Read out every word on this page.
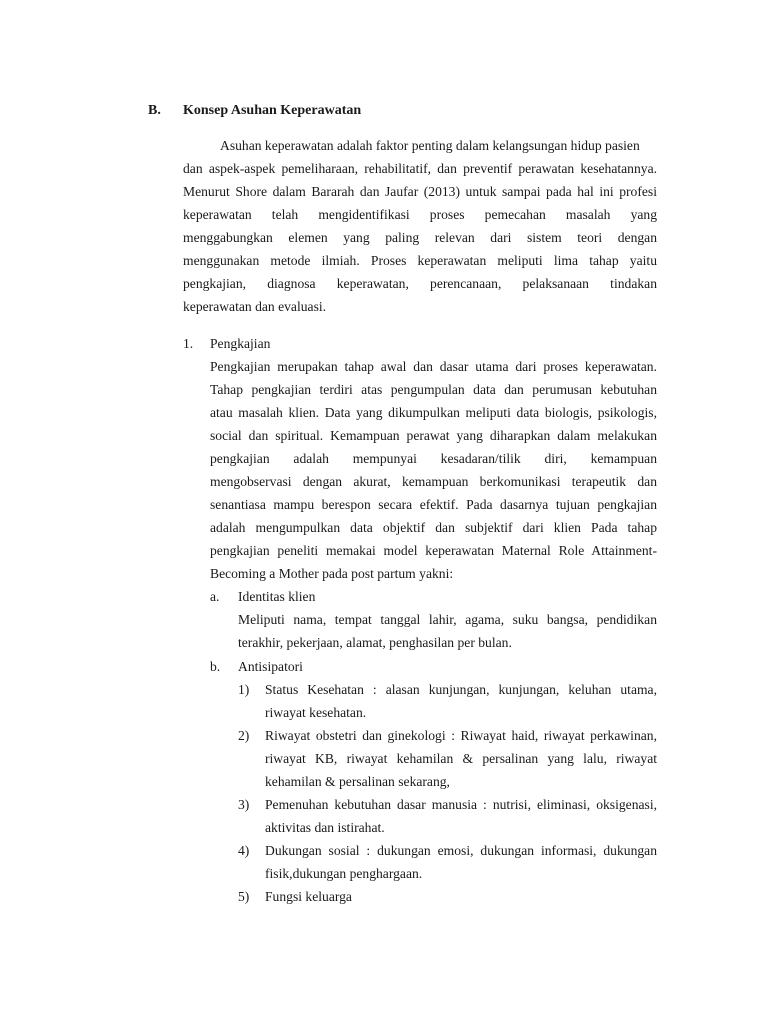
B. Konsep Asuhan Keperawatan
Asuhan keperawatan adalah faktor penting dalam kelangsungan hidup pasien
dan aspek-aspek pemeliharaan, rehabilitatif, dan preventif perawatan kesehatannya.
Menurut Shore dalam Bararah dan Jaufar (2013) untuk sampai pada hal ini profesi
keperawatan telah mengidentifikasi proses pemecahan masalah yang
menggabungkan elemen yang paling relevan dari sistem teori dengan
menggunakan metode ilmiah. Proses keperawatan meliputi lima tahap yaitu
pengkajian, diagnosa keperawatan, perencanaan, pelaksanaan tindakan
keperawatan dan evaluasi.
1. Pengkajian
Pengkajian merupakan tahap awal dan dasar utama dari proses keperawatan.
Tahap pengkajian terdiri atas pengumpulan data dan perumusan kebutuhan
atau masalah klien. Data yang dikumpulkan meliputi data biologis, psikologis,
social dan spiritual. Kemampuan perawat yang diharapkan dalam melakukan
pengkajian adalah mempunyai kesadaran/tilik diri, kemampuan
mengobservasi dengan akurat, kemampuan berkomunikasi terapeutik dan
senantiasa mampu berespon secara efektif. Pada dasarnya tujuan pengkajian
adalah mengumpulkan data objektif dan subjektif dari klien Pada tahap
pengkajian peneliti memakai model keperawatan Maternal Role Attainment-
Becoming a Mother pada post partum yakni:
a. Identitas klien
Meliputi nama, tempat tanggal lahir, agama, suku bangsa, pendidikan
terakhir, pekerjaan, alamat, penghasilan per bulan.
b. Antisipatori
1) Status Kesehatan : alasan kunjungan, kunjungan, keluhan utama,
riwayat kesehatan.
2) Riwayat obstetri dan ginekologi : Riwayat haid, riwayat perkawinan,
riwayat KB, riwayat kehamilan & persalinan yang lalu, riwayat
kehamilan & persalinan sekarang,
3) Pemenuhan kebutuhan dasar manusia : nutrisi, eliminasi, oksigenasi,
aktivitas dan istirahat.
4) Dukungan sosial : dukungan emosi, dukungan informasi, dukungan
fisik,dukungan penghargaan.
5) Fungsi keluarga
